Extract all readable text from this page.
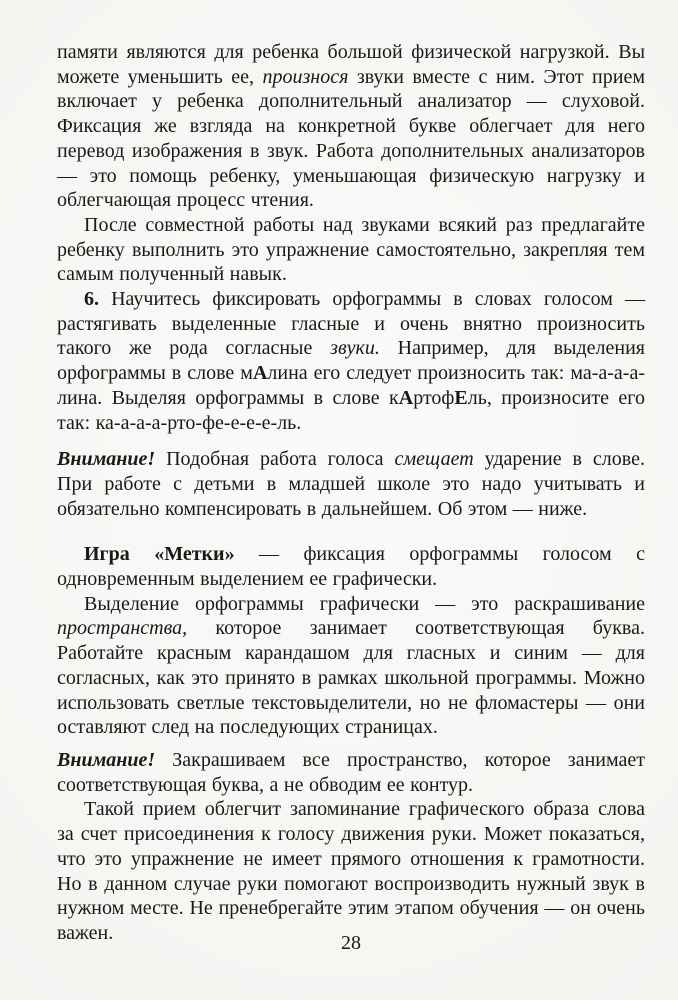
памяти являются для ребенка большой физической нагрузкой. Вы можете уменьшить ее, произнося звуки вместе с ним. Этот прием включает у ребенка дополнительный анализатор — слуховой. Фиксация же взгляда на конкретной букве облегчает для него перевод изображения в звук. Работа дополнительных анализаторов — это помощь ребенку, уменьшающая физическую нагрузку и облегчающая процесс чтения.

После совместной работы над звуками всякий раз предлагайте ребенку выполнить это упражнение самостоятельно, закрепляя тем самым полученный навык.

6. Научитесь фиксировать орфограммы в словах голосом — растягивать выделенные гласные и очень внятно произносить такого же рода согласные звуки. Например, для выделения орфограммы в слове мАлина его следует произносить так: ма-а-а-а-лина. Выделяя орфограммы в слове кАртофЕль, произносите его так: ка-а-а-а-рто-фе-е-е-е-ль.

Внимание! Подобная работа голоса смещает ударение в слове. При работе с детьми в младшей школе это надо учитывать и обязательно компенсировать в дальнейшем. Об этом — ниже.

Игра «Метки» — фиксация орфограммы голосом с одновременным выделением ее графически.

Выделение орфограммы графически — это раскрашивание пространства, которое занимает соответствующая буква. Работайте красным карандашом для гласных и синим — для согласных, как это принято в рамках школьной программы. Можно использовать светлые текстовыделители, но не фломастеры — они оставляют след на последующих страницах.

Внимание! Закрашиваем все пространство, которое занимает соответствующая буква, а не обводим ее контур.

Такой прием облегчит запоминание графического образа слова за счет присоединения к голосу движения руки. Может показаться, что это упражнение не имеет прямого отношения к грамотности. Но в данном случае руки помогают воспроизводить нужный звук в нужном месте. Не пренебрегайте этим этапом обучения — он очень важен.	28
